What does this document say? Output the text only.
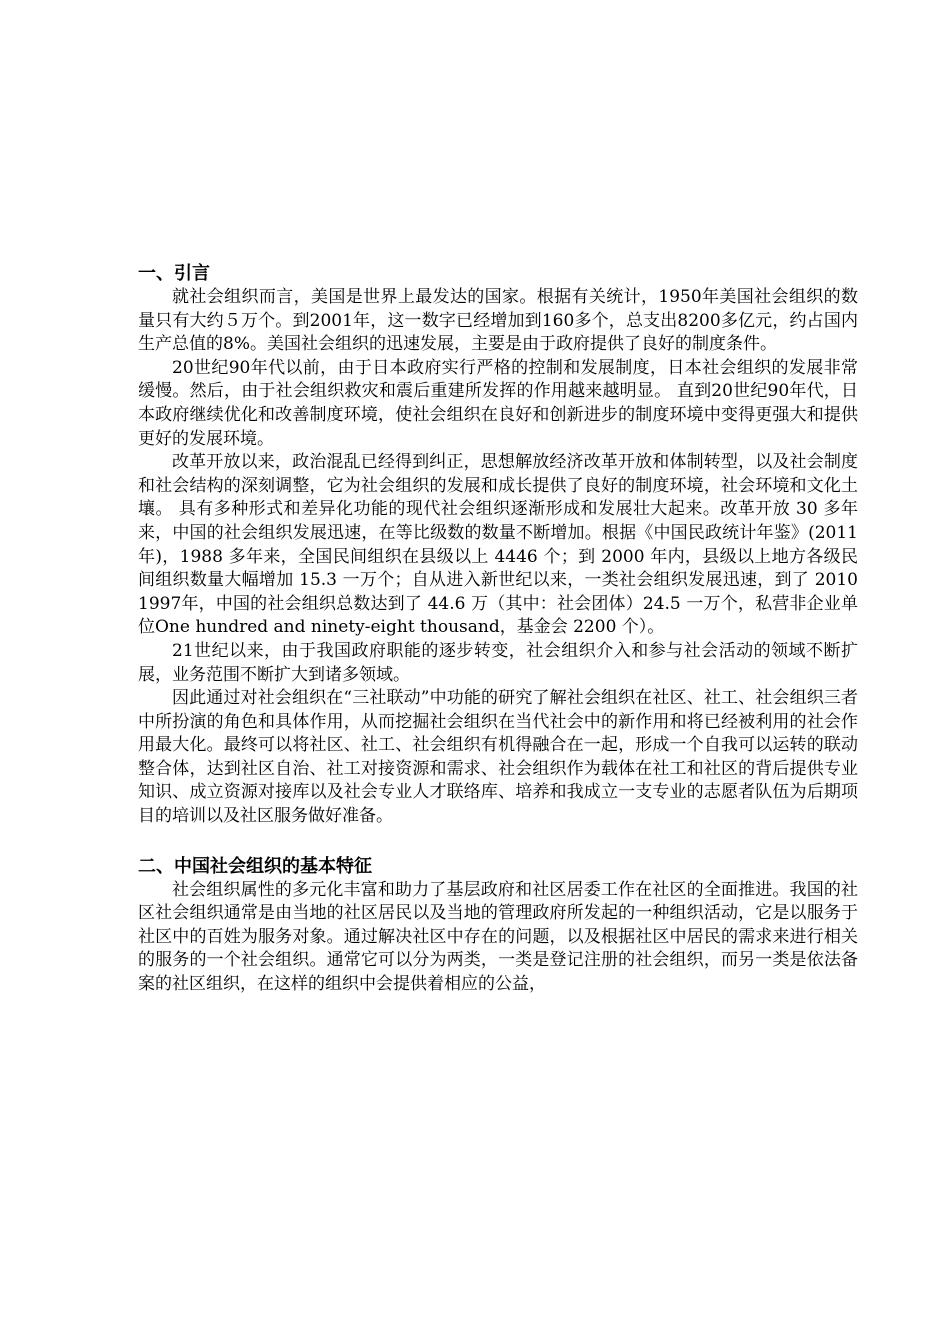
一、引言

就社会组织而言，美国是世界上最发达的国家。根据有关统计，1950年美国社会组织的数量只有大约５万个。到2001年，这一数字已经增加到160多个，总支出8200多亿元，约占国内生产总值的8%。美国社会组织的迅速发展，主要是由于政府提供了良好的制度条件。

20世纪90年代以前，由于日本政府实行严格的控制和发展制度，日本社会组织的发展非常缓慢。然后，由于社会组织救灾和震后重建所发挥的作用越来越明显。 直到20世纪90年代，日本政府继续优化和改善制度环境，使社会组织在良好和创新进步的制度环境中变得更强大和提供更好的发展环境。

改革开放以来，政治混乱已经得到纠正，思想解放经济改革开放和体制转型，以及社会制度和社会结构的深刻调整，它为社会组织的发展和成长提供了良好的制度环境，社会环境和文化土壤。 具有多种形式和差异化功能的现代社会组织逐渐形成和发展壮大起来。改革开放 30 多年来，中国的社会组织发展迅速，在等比级数的数量不断增加。根据《中国民政统计年鉴》(2011年)，1988 多年来，全国民间组织在县级以上 4446 个；到 2000 年内，县级以上地方各级民间组织数量大幅增加 15.3 一万个；自从进入新世纪以来，一类社会组织发展迅速，到了 2010 1997年，中国的社会组织总数达到了 44.6 万（其中：社会团体）24.5 一万个，私营非企业单位One hundred and ninety-eight thousand，基金会 2200 个）。

21世纪以来，由于我国政府职能的逐步转变，社会组织介入和参与社会活动的领域不断扩展，业务范围不断扩大到诸多领域。

因此通过对社会组织在“三社联动”中功能的研究了解社会组织在社区、社工、社会组织三者中所扮演的角色和具体作用，从而挖掘社会组织在当代社会中的新作用和将已经被利用的社会作用最大化。最终可以将社区、社工、社会组织有机得融合在一起，形成一个自我可以运转的联动整合体，达到社区自治、社工对接资源和需求、社会组织作为载体在社工和社区的背后提供专业知识、成立资源对接库以及社会专业人才联络库、培养和我成立一支专业的志愿者队伍为后期项目的培训以及社区服务做好准备。

二、中国社会组织的基本特征

社会组织属性的多元化丰富和助力了基层政府和社区居委工作在社区的全面推进。我国的社区社会组织通常是由当地的社区居民以及当地的管理政府所发起的一种组织活动，它是以服务于社区中的百姓为服务对象。通过解决社区中存在的问题，以及根据社区中居民的需求来进行相关的服务的一个社会组织。通常它可以分为两类，一类是登记注册的社会组织，而另一类是依法备案的社区组织，在这样的组织中会提供着相应的公益，
